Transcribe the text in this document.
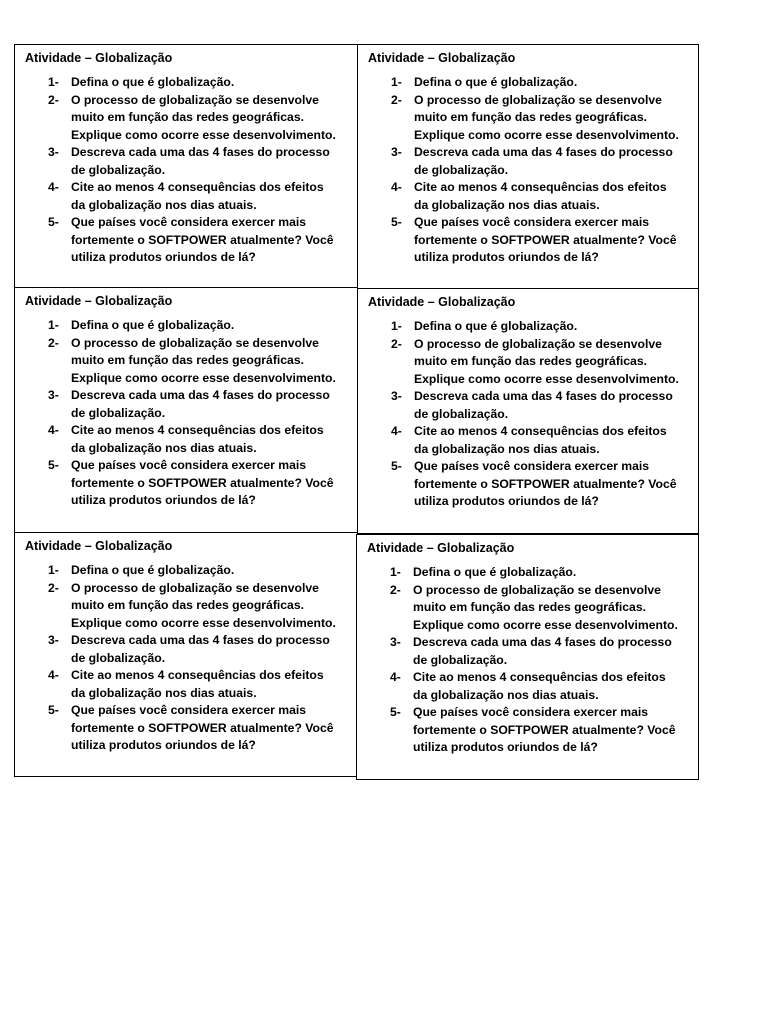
Atividade – Globalização
1- Defina o que é globalização.
2- O processo de globalização se desenvolve muito em função das redes geográficas. Explique como ocorre esse desenvolvimento.
3- Descreva cada uma das 4 fases do processo de globalização.
4- Cite ao menos 4 consequências dos efeitos da globalização nos dias atuais.
5- Que países você considera exercer mais fortemente o SOFTPOWER atualmente? Você utiliza produtos oriundos de lá?
Atividade – Globalização
1- Defina o que é globalização.
2- O processo de globalização se desenvolve muito em função das redes geográficas. Explique como ocorre esse desenvolvimento.
3- Descreva cada uma das 4 fases do processo de globalização.
4- Cite ao menos 4 consequências dos efeitos da globalização nos dias atuais.
5- Que países você considera exercer mais fortemente o SOFTPOWER atualmente? Você utiliza produtos oriundos de lá?
Atividade – Globalização
1- Defina o que é globalização.
2- O processo de globalização se desenvolve muito em função das redes geográficas. Explique como ocorre esse desenvolvimento.
3- Descreva cada uma das 4 fases do processo de globalização.
4- Cite ao menos 4 consequências dos efeitos da globalização nos dias atuais.
5- Que países você considera exercer mais fortemente o SOFTPOWER atualmente? Você utiliza produtos oriundos de lá?
Atividade – Globalização
1- Defina o que é globalização.
2- O processo de globalização se desenvolve muito em função das redes geográficas. Explique como ocorre esse desenvolvimento.
3- Descreva cada uma das 4 fases do processo de globalização.
4- Cite ao menos 4 consequências dos efeitos da globalização nos dias atuais.
5- Que países você considera exercer mais fortemente o SOFTPOWER atualmente? Você utiliza produtos oriundos de lá?
Atividade – Globalização
1- Defina o que é globalização.
2- O processo de globalização se desenvolve muito em função das redes geográficas. Explique como ocorre esse desenvolvimento.
3- Descreva cada uma das 4 fases do processo de globalização.
4- Cite ao menos 4 consequências dos efeitos da globalização nos dias atuais.
5- Que países você considera exercer mais fortemente o SOFTPOWER atualmente? Você utiliza produtos oriundos de lá?
Atividade – Globalização
1- Defina o que é globalização.
2- O processo de globalização se desenvolve muito em função das redes geográficas. Explique como ocorre esse desenvolvimento.
3- Descreva cada uma das 4 fases do processo de globalização.
4- Cite ao menos 4 consequências dos efeitos da globalização nos dias atuais.
5- Que países você considera exercer mais fortemente o SOFTPOWER atualmente? Você utiliza produtos oriundos de lá?
